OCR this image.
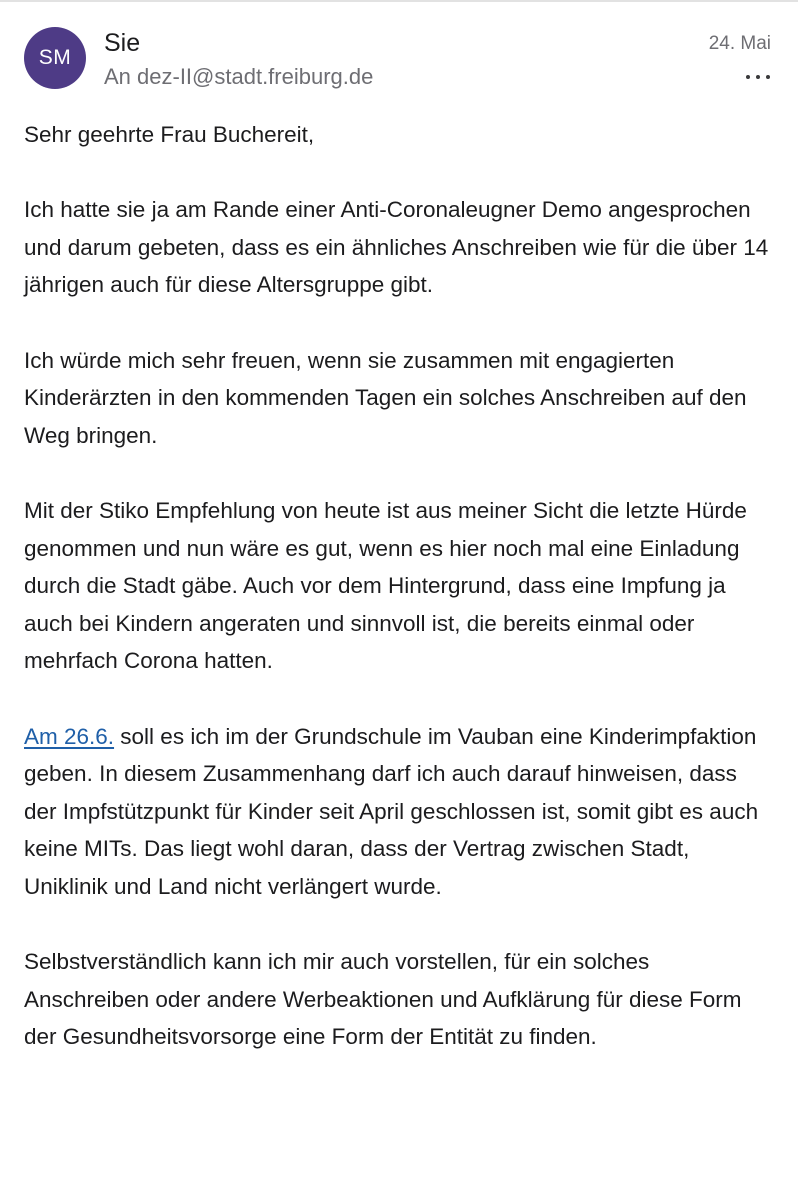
SM
Sie
An dez-II@stadt.freiburg.de
24. Mai

Sehr geehrte Frau Buchereit,

Ich hatte sie ja am Rande einer Anti-Coronaleugner Demo angesprochen und darum gebeten, dass es ein ähnliches Anschreiben wie für die über 14 jährigen auch für diese Altersgruppe gibt.

Ich würde mich sehr freuen, wenn sie zusammen mit engagierten Kinderärzten in den kommenden Tagen ein solches Anschreiben auf den Weg bringen.

Mit der Stiko Empfehlung von heute ist aus meiner Sicht die letzte Hürde genommen und nun wäre es gut, wenn es hier noch mal eine Einladung durch die Stadt gäbe. Auch vor dem Hintergrund, dass eine Impfung ja auch bei Kindern angeraten und sinnvoll ist, die bereits einmal oder mehrfach Corona hatten.

Am 26.6. soll es ich im der Grundschule im Vauban eine Kinderimpfaktion geben. In diesem Zusammenhang darf ich auch darauf hinweisen, dass der Impfstützpunkt für Kinder seit April geschlossen ist, somit gibt es auch keine MITs. Das liegt wohl daran, dass der Vertrag zwischen Stadt, Uniklinik und Land nicht verlängert wurde.

Selbstverständlich kann ich mir auch vorstellen, für ein solches Anschreiben oder andere Werbeaktionen und Aufklärung für diese Form der Gesundheitsvorsorge eine Form der Entität zu finden.
